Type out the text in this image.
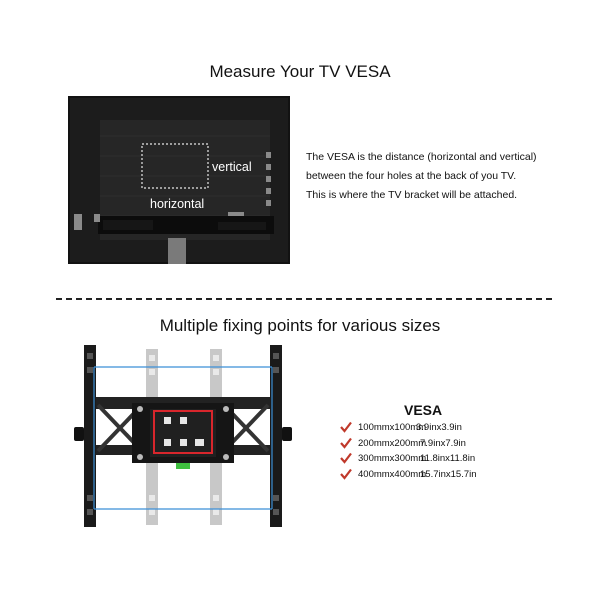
Measure Your TV VESA
vertical
horizontal
The VESA is the distance (horizontal and vertical)
between the four holes at the back of you TV.
This is where the TV bracket will be attached.
Multiple fixing points for various sizes
VESA
100mmx100mm
3.9inx3.9in
200mmx200mm
7.9inx7.9in
300mmx300mm
11.8inx11.8in
400mmx400mm
15.7inx15.7in
